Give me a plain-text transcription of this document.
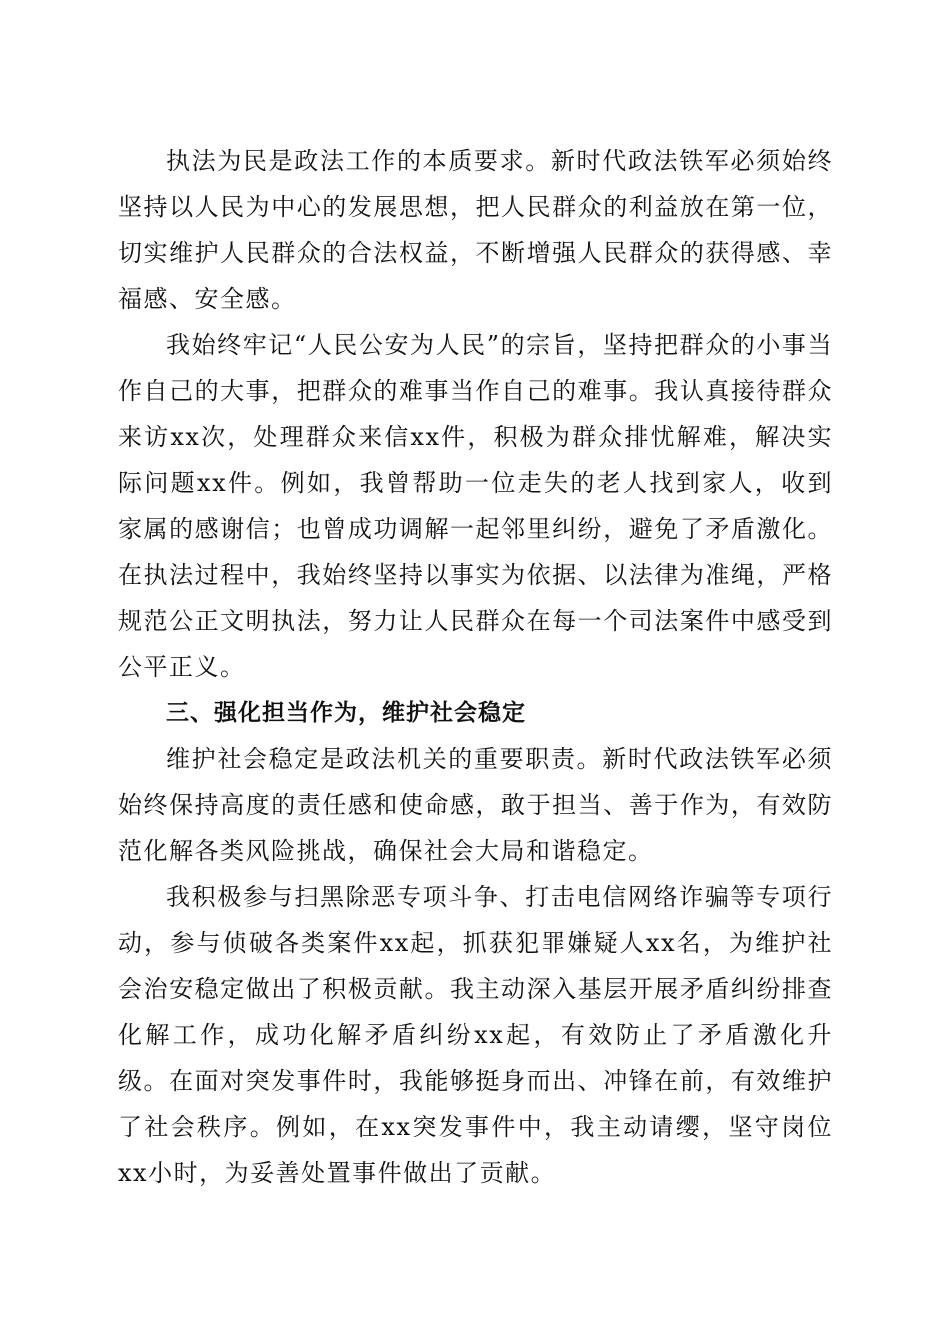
执法为民是政法工作的本质要求。新时代政法铁军必须始终坚持以人民为中心的发展思想，把人民群众的利益放在第一位，切实维护人民群众的合法权益，不断增强人民群众的获得感、幸福感、安全感。

我始终牢记“人民公安为人民”的宗旨，坚持把群众的小事当作自己的大事，把群众的难事当作自己的难事。我认真接待群众来访xx次，处理群众来信xx件，积极为群众排忧解难，解决实际问题xx件。例如，我曾帮助一位走失的老人找到家人，收到家属的感谢信；也曾成功调解一起邻里纠纷，避免了矛盾激化。在执法过程中，我始终坚持以事实为依据、以法律为准绳，严格规范公正文明执法，努力让人民群众在每一个司法案件中感受到公平正义。

三、强化担当作为，维护社会稳定

维护社会稳定是政法机关的重要职责。新时代政法铁军必须始终保持高度的责任感和使命感，敢于担当、善于作为，有效防范化解各类风险挑战，确保社会大局和谐稳定。

我积极参与扫黑除恶专项斗争、打击电信网络诈骗等专项行动，参与侦破各类案件xx起，抓获犯罪嫌疑人xx名，为维护社会治安稳定做出了积极贡献。我主动深入基层开展矛盾纠纷排查化解工作，成功化解矛盾纠纷xx起，有效防止了矛盾激化升级。在面对突发事件时，我能够挺身而出、冲锋在前，有效维护了社会秩序。例如，在xx突发事件中，我主动请缨，坚守岗位xx小时，为妥善处置事件做出了贡献。
